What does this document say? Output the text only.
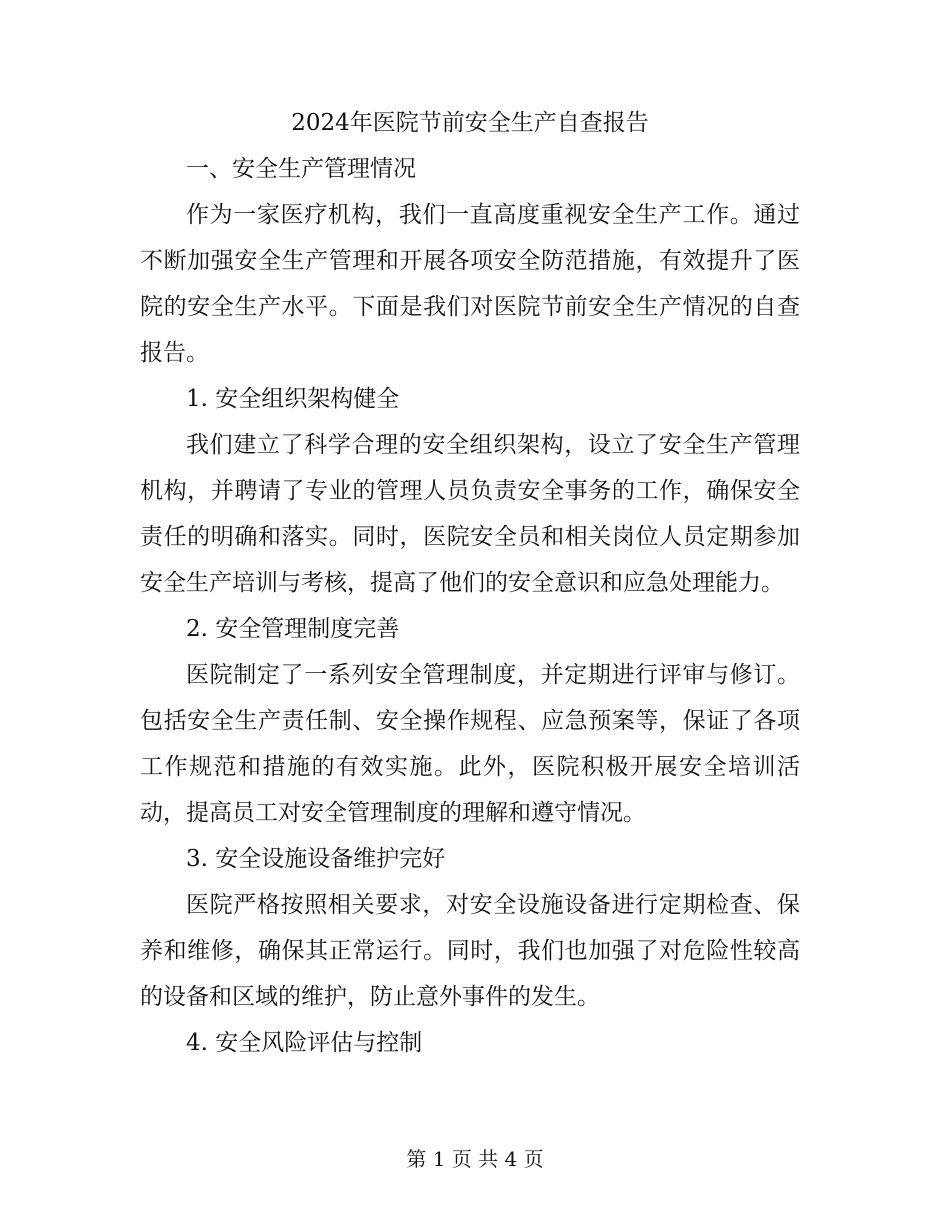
2024年医院节前安全生产自查报告

一、安全生产管理情况

作为一家医疗机构，我们一直高度重视安全生产工作。通过不断加强安全生产管理和开展各项安全防范措施，有效提升了医院的安全生产水平。下面是我们对医院节前安全生产情况的自查报告。

1. 安全组织架构健全

我们建立了科学合理的安全组织架构，设立了安全生产管理机构，并聘请了专业的管理人员负责安全事务的工作，确保安全责任的明确和落实。同时，医院安全员和相关岗位人员定期参加安全生产培训与考核，提高了他们的安全意识和应急处理能力。

2. 安全管理制度完善

医院制定了一系列安全管理制度，并定期进行评审与修订。包括安全生产责任制、安全操作规程、应急预案等，保证了各项工作规范和措施的有效实施。此外，医院积极开展安全培训活动，提高员工对安全管理制度的理解和遵守情况。

3. 安全设施设备维护完好

医院严格按照相关要求，对安全设施设备进行定期检查、保养和维修，确保其正常运行。同时，我们也加强了对危险性较高的设备和区域的维护，防止意外事件的发生。

4. 安全风险评估与控制

第 1 页 共 4 页
